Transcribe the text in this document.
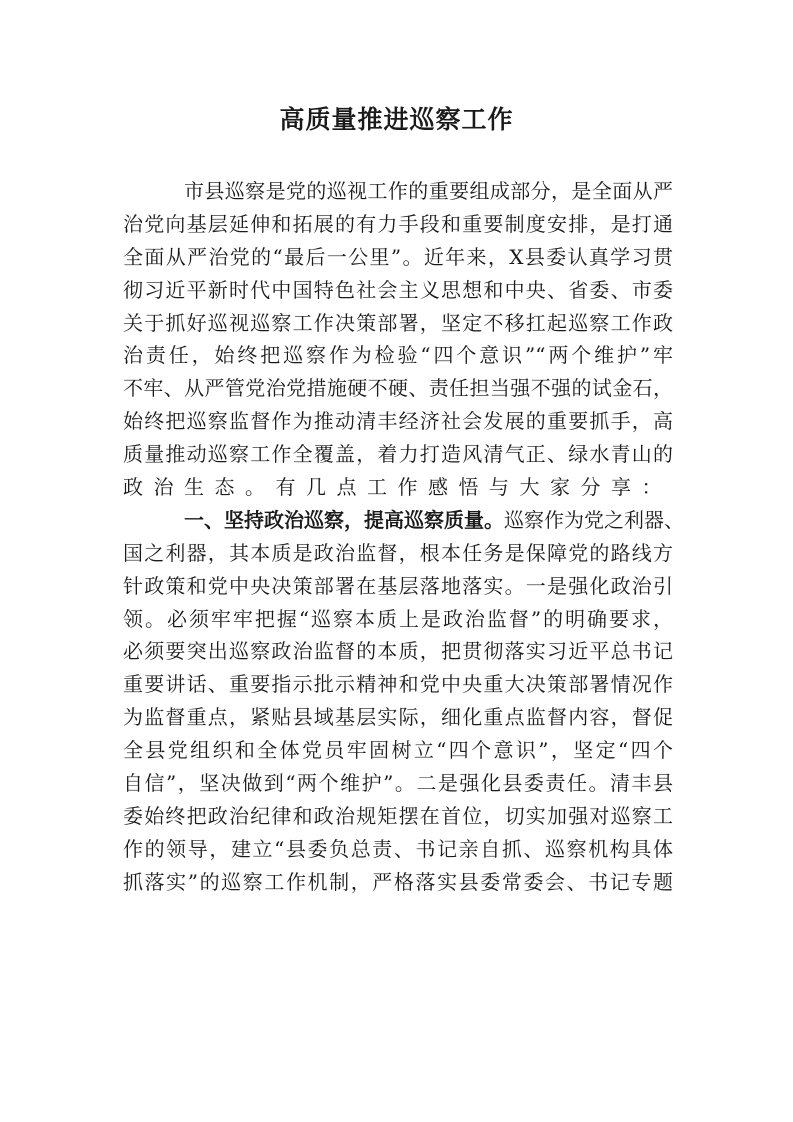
高质量推进巡察工作
市县巡察是党的巡视工作的重要组成部分，是全面从严
治党向基层延伸和拓展的有力手段和重要制度安排，是打通
全面从严治党的“最后一公里”。近年来，X县委认真学习贯
彻习近平新时代中国特色社会主义思想和中央、省委、市委
关于抓好巡视巡察工作决策部署，坚定不移扛起巡察工作政
治责任，始终把巡察作为检验“四个意识”“两个维护”牢
不牢、从严管党治党措施硬不硬、责任担当强不强的试金石，
始终把巡察监督作为推动清丰经济社会发展的重要抓手，高
质量推动巡察工作全覆盖，着力打造风清气正、绿水青山的
政治生态。有几点工作感悟与大家分享：
一、坚持政治巡察，提高巡察质量。巡察作为党之利器、
国之利器，其本质是政治监督，根本任务是保障党的路线方
针政策和党中央决策部署在基层落地落实。一是强化政治引
领。必须牢牢把握“巡察本质上是政治监督”的明确要求，
必须要突出巡察政治监督的本质，把贯彻落实习近平总书记
重要讲话、重要指示批示精神和党中央重大决策部署情况作
为监督重点，紧贴县域基层实际，细化重点监督内容，督促
全县党组织和全体党员牢固树立“四个意识”，坚定“四个
自信”，坚决做到“两个维护”。二是强化县委责任。清丰县
委始终把政治纪律和政治规矩摆在首位，切实加强对巡察工
作的领导，建立“县委负总责、书记亲自抓、巡察机构具体
抓落实”的巡察工作机制，严格落实县委常委会、书记专题
